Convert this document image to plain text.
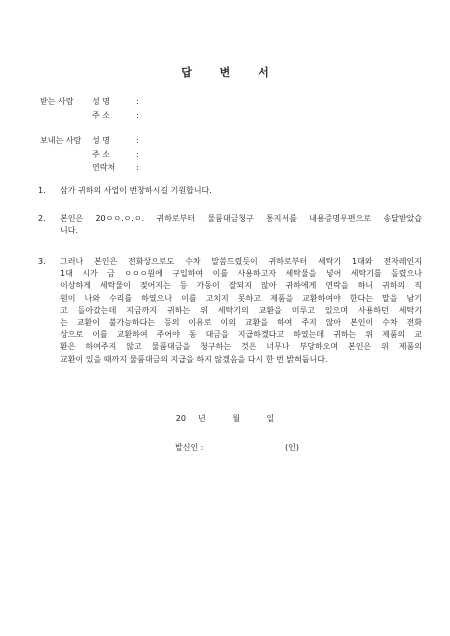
답 변 서
받는 사람 성 명	:
주 소	:
보내는 사람 성 명	:
주 소	:
연락처	:
1. 삼가 귀하의 사업이 번창하시길 기원합니다.
2. 본인은 20ㅇㅇ.ㅇ.ㅇ. 귀하로부터 물품대금청구 통지서를 내용증명우편으로 송달받았습
니다.
3. 그러나 본인은 전화상으로도 수차 말씀드렸듯이 귀하로부터 세탁기 1대와 전자레인지
1대 시가 금 ㅇㅇㅇ원에 구입하여 이를 사용하고자 세탁물을 넣어 세탁기를 돌렸으나
이상하게 세탁물이 젖어지는 등 가동이 잘되지 않아 귀하에게 연락을 하니 귀하의 직
원이 나와 수리를 하였으나 이를 고치지 못하고 제품을 교환하여야 한다는 말을 남기
고 돌아갔는데 지금까지 귀하는 위 세탁기의 교환을 미루고 있으며 사용하던 세탁기
는 교환이 불가능하다는 등의 이유로 이의 교환을 하여 주지 않아 본인이 수차 전화
상으로 이를 교환하여 주어야 동 대금을 지급하겠다고 하였는데 귀하는 위 제품의 교
환은 하여주지 않고 물품대금을 청구하는 것은 너무나 부당하오며 본인은 위 제품의
교환이 있을 때까지 물품대금의 지급을 하지 않겠음을 다시 한 번 밝혀둡니다.
20 년	월	일
발신인 :	(인)
